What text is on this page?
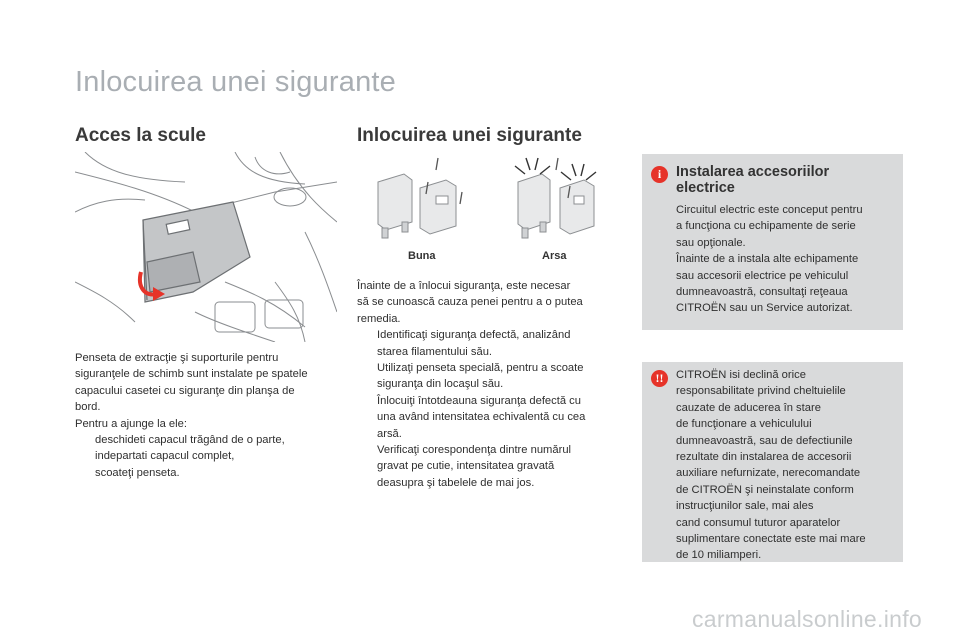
Inlocuirea unei sigurante
Acces la scule

Penseta de extracţie şi suporturile pentru

siguranţele de schimb sunt instalate pe spatele

capacului casetei cu siguranţe din planşa de

bord.

Pentru a ajunge la ele:

deschideti capacul trăgând de o parte,
indepartati capacul complet,
scoateţi penseta.
Inlocuirea unei sigurante
Buna	Arsa

Înainte de a înlocui siguranţa, este necesar

să se cunoască cauza penei pentru a o putea

remedia.

Identificaţi siguranţa defectă, analizând

starea filamentului său.

Utilizaţi penseta specială, pentru a scoate

siguranţa din locaşul său.

Înlocuiţi întotdeauna siguranţa defectă cu

una având intensitatea echivalentă cu cea

arsă.

Verificaţi corespondenţa dintre numărul

gravat pe cutie, intensitatea gravată

deasupra şi tabelele de mai jos.

i	Instalarea accesoriilor
electrice
Circuitul electric este conceput pentru
a funcţiona cu echipamente de serie
sau opţionale.
Înainte de a instala alte echipamente
sau accesorii electrice pe vehiculul
dumneavoastră, consultaţi reţeaua
CITROËN sau un Service autorizat.
!!	CITROËN isi declină orice
responsabilitate privind cheltuielile
cauzate de aducerea în stare
de funcţionare a vehiculului
dumneavoastră, sau de defectiunile
rezultate din instalarea de accesorii
auxiliare nefurnizate, nerecomandate
de CITROËN şi neinstalate conform
instrucţiunilor sale, mai ales
cand consumul tuturor aparatelor
suplimentare conectate este mai mare
de 10 miliamperi.
carmanualsonline.info
